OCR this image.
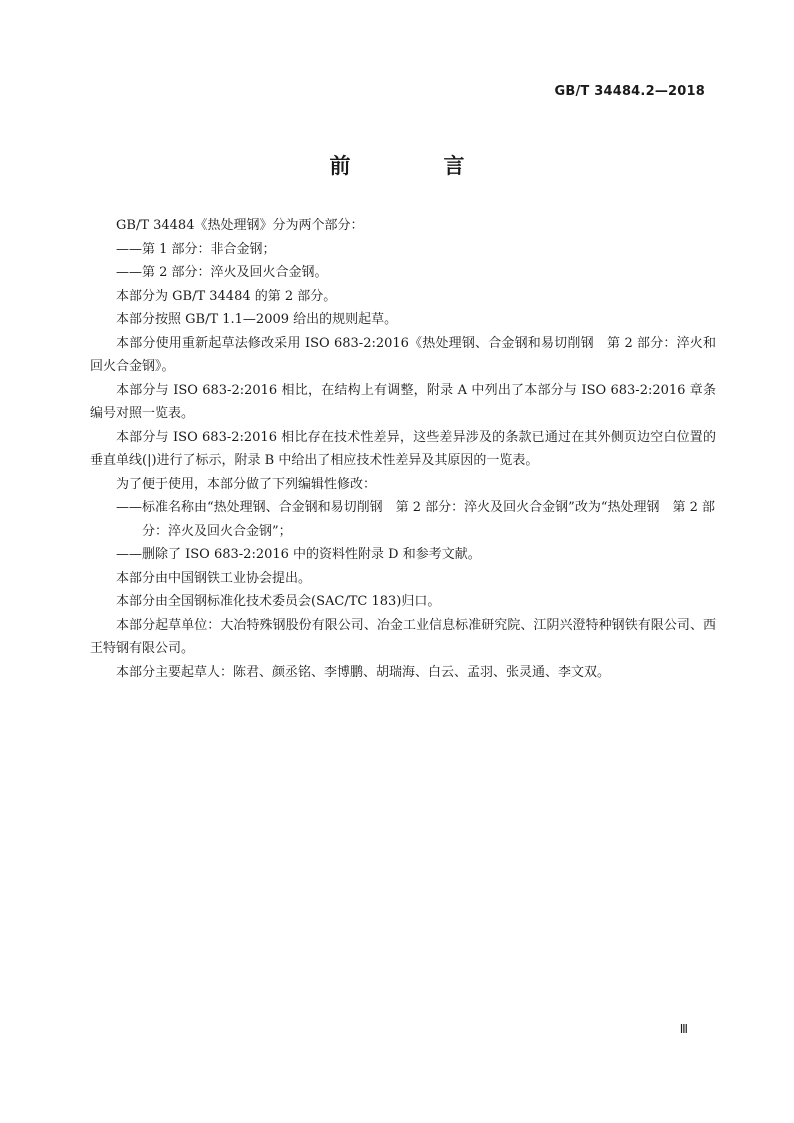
GB/T 34484.2—2018
前　言

GB/T 34484《热处理钢》分为两个部分：

——第 1 部分：非合金钢；

——第 2 部分：淬火及回火合金钢。

本部分为 GB/T 34484 的第 2 部分。

本部分按照 GB/T 1.1—2009 给出的规则起草。

本部分使用重新起草法修改采用 ISO 683-2:2016《热处理钢、合金钢和易切削钢　第 2 部分：淬火和回火合金钢》。

本部分与 ISO 683-2:2016 相比，在结构上有调整，附录 A 中列出了本部分与 ISO 683-2:2016 章条编号对照一览表。

本部分与 ISO 683-2:2016 相比存在技术性差异，这些差异涉及的条款已通过在其外侧页边空白位置的垂直单线(|)进行了标示，附录 B 中给出了相应技术性差异及其原因的一览表。

为了便于使用，本部分做了下列编辑性修改：

——标准名称由“热处理钢、合金钢和易切削钢　第 2 部分：淬火及回火合金钢”改为“热处理钢　第 2 部分：淬火及回火合金钢”；

——删除了 ISO 683-2:2016 中的资料性附录 D 和参考文献。

本部分由中国钢铁工业协会提出。

本部分由全国钢标准化技术委员会(SAC/TC 183)归口。

本部分起草单位：大冶特殊钢股份有限公司、冶金工业信息标准研究院、江阴兴澄特种钢铁有限公司、西王特钢有限公司。

本部分主要起草人：陈君、颜丞铭、李博鹏、胡瑞海、白云、孟羽、张灵通、李文双。

Ⅲ
